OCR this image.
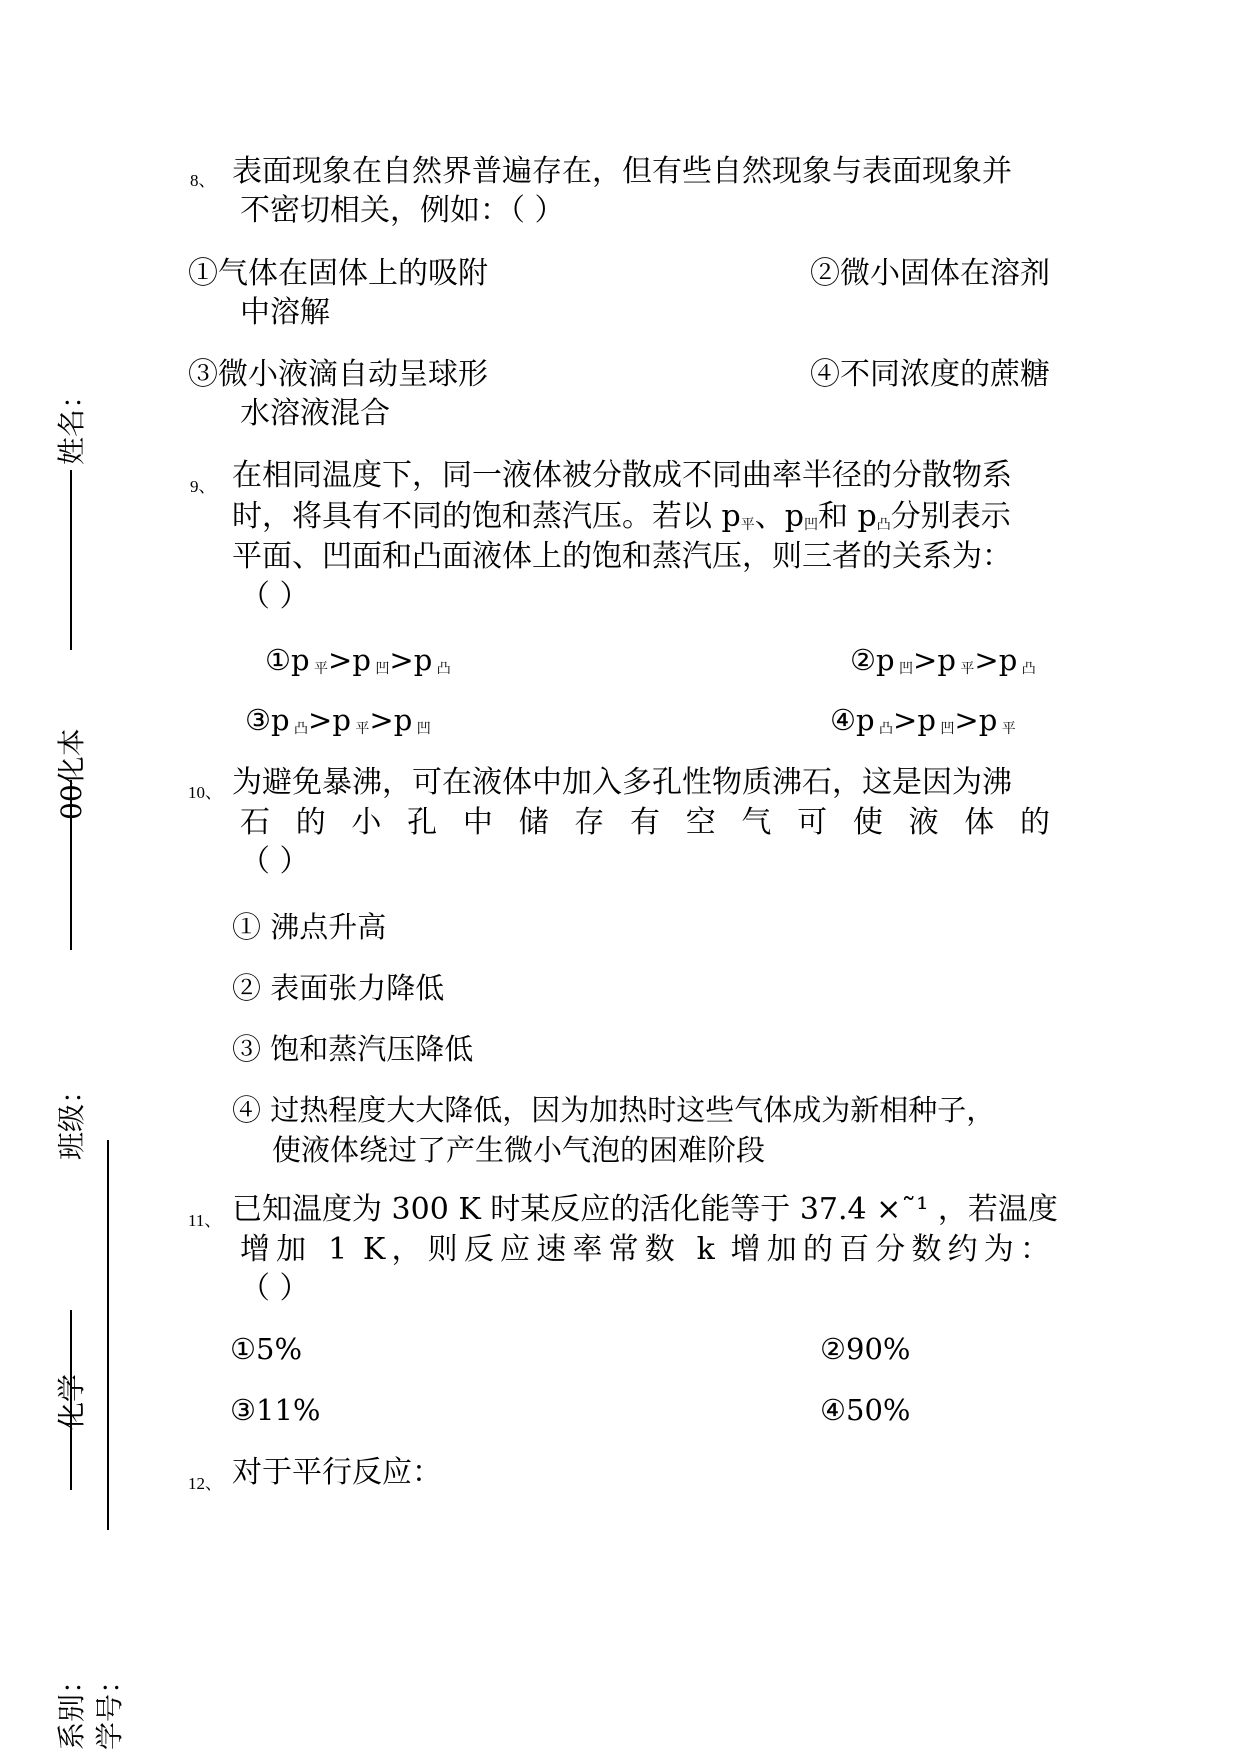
姓名：
00化本
班级：
化学
系别： 学号：
8、 表面现象在自然界普遍存在，但有些自然现象与表面现象并
不密切相关，例如：（ ）
①气体在固体上的吸附	②微小固体在溶剂
中溶解
③微小液滴自动呈球形	④不同浓度的蔗糖
水溶液混合
9、 在相同温度下，同一液体被分散成不同曲率半径的分散物系
时，将具有不同的饱和蒸汽压。若以 $p_平$、$p_凹$和 $p_凸$分别表示
平面、凹面和凸面液体上的饱和蒸汽压，则三者的关系为：
（ ）
①p $_平$>p $_凹$>p $_凸$	②p $_凹$>p $_平$>p $_凸$
③p $_凸$>p $_平$>p $_凹$	④p $_凸$>p $_凹$>p $_平$
10、 为避免暴沸，可在液体中加入多孔性物质沸石，这是因为沸
石的小孔中储存有空气可使液体的
（ ）
① 沸点升高
② 表面张力降低
③ 饱和蒸汽压降低
④ 过热程度大大降低，因为加热时这些气体成为新相种子，
使液体绕过了产生微小气泡的困难阶段
11、 已知温度为 300 K 时某反应的活化能等于 37.4 ×˜¹ ，若温度
增加 1 K，则反应速率常数 k 增加的百分数约为：
（ ）
①5%	②90%
③11%	④50%
12、 对于平行反应：
